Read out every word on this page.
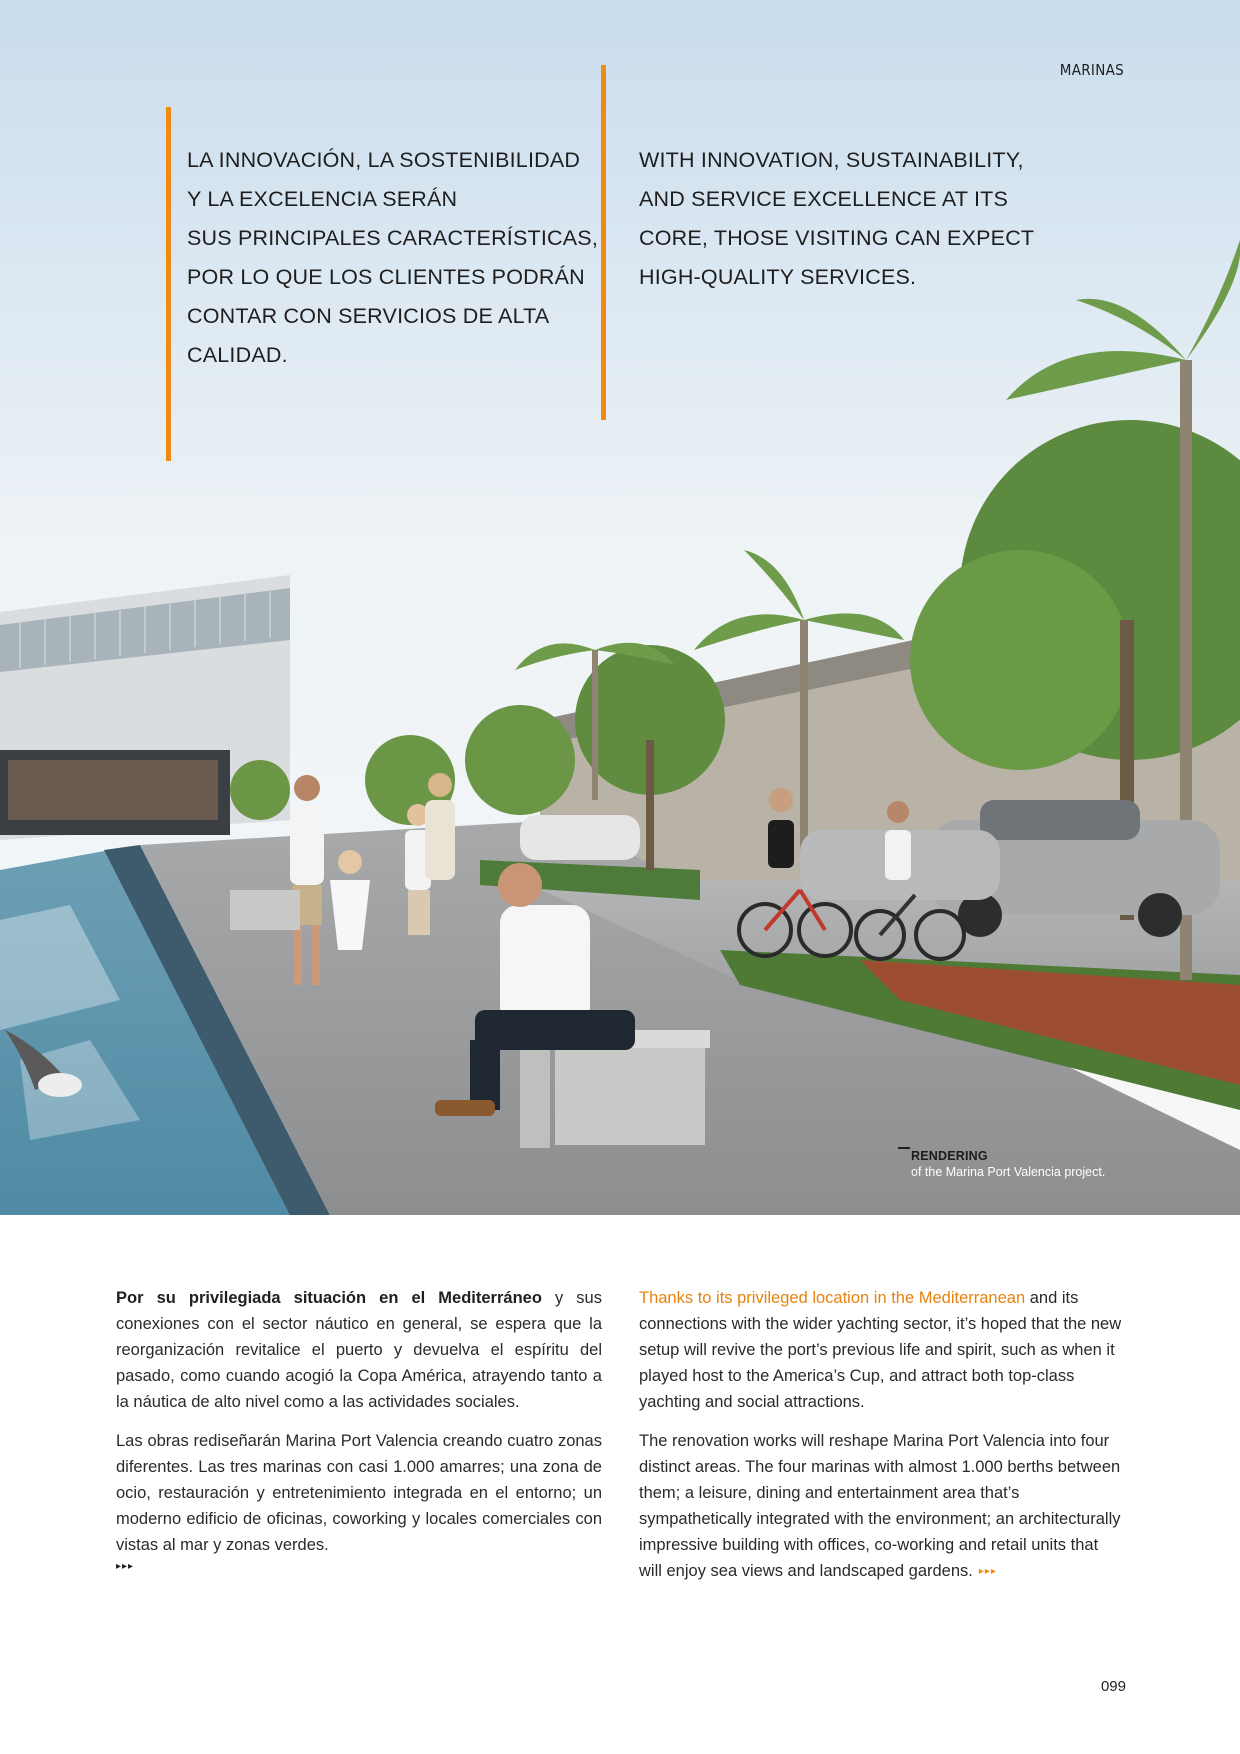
MARINAS
LA INNOVACIÓN, LA SOSTENIBILIDAD
Y LA EXCELENCIA SERÁN
SUS PRINCIPALES CARACTERÍSTICAS,
POR LO QUE LOS CLIENTES PODRÁN
CONTAR CON SERVICIOS DE ALTA
CALIDAD.
WITH INNOVATION, SUSTAINABILITY,
AND SERVICE EXCELLENCE AT ITS
CORE, THOSE VISITING CAN EXPECT
HIGH-QUALITY SERVICES.
RENDERING
of the Marina Port Valencia project.

Por su privilegiada situación en el Mediterráneo y sus conexiones con el sector náutico en general, se espera que la reorganización revitalice el puerto y devuelva el espíritu del pasado, como cuando acogió la Copa América, atrayendo tanto a la náutica de alto nivel como a las actividades sociales.

Las obras rediseñarán Marina Port Valencia creando cuatro zonas diferentes. Las tres marinas con casi 1.000 amarres; una zona de ocio, restauración y entretenimiento integrada en el entorno; un moderno edificio de oficinas, coworking y locales comerciales con vistas al mar y zonas verdes.
▸▸▸

Thanks to its privileged location in the Mediterranean and its connections with the wider yachting sector, it’s hoped that the new setup will revive the port’s previous life and spirit, such as when it played host to the America’s Cup, and attract both top-class yachting and social attractions.

The renovation works will reshape Marina Port Valencia into four distinct areas. The four marinas with almost 1.000 berths between them; a leisure, dining and entertainment area that’s sympathetically integrated with the environment; an architecturally impressive building with offices, co-working and retail units that will enjoy sea views and landscaped gardens. ▸▸▸

099
